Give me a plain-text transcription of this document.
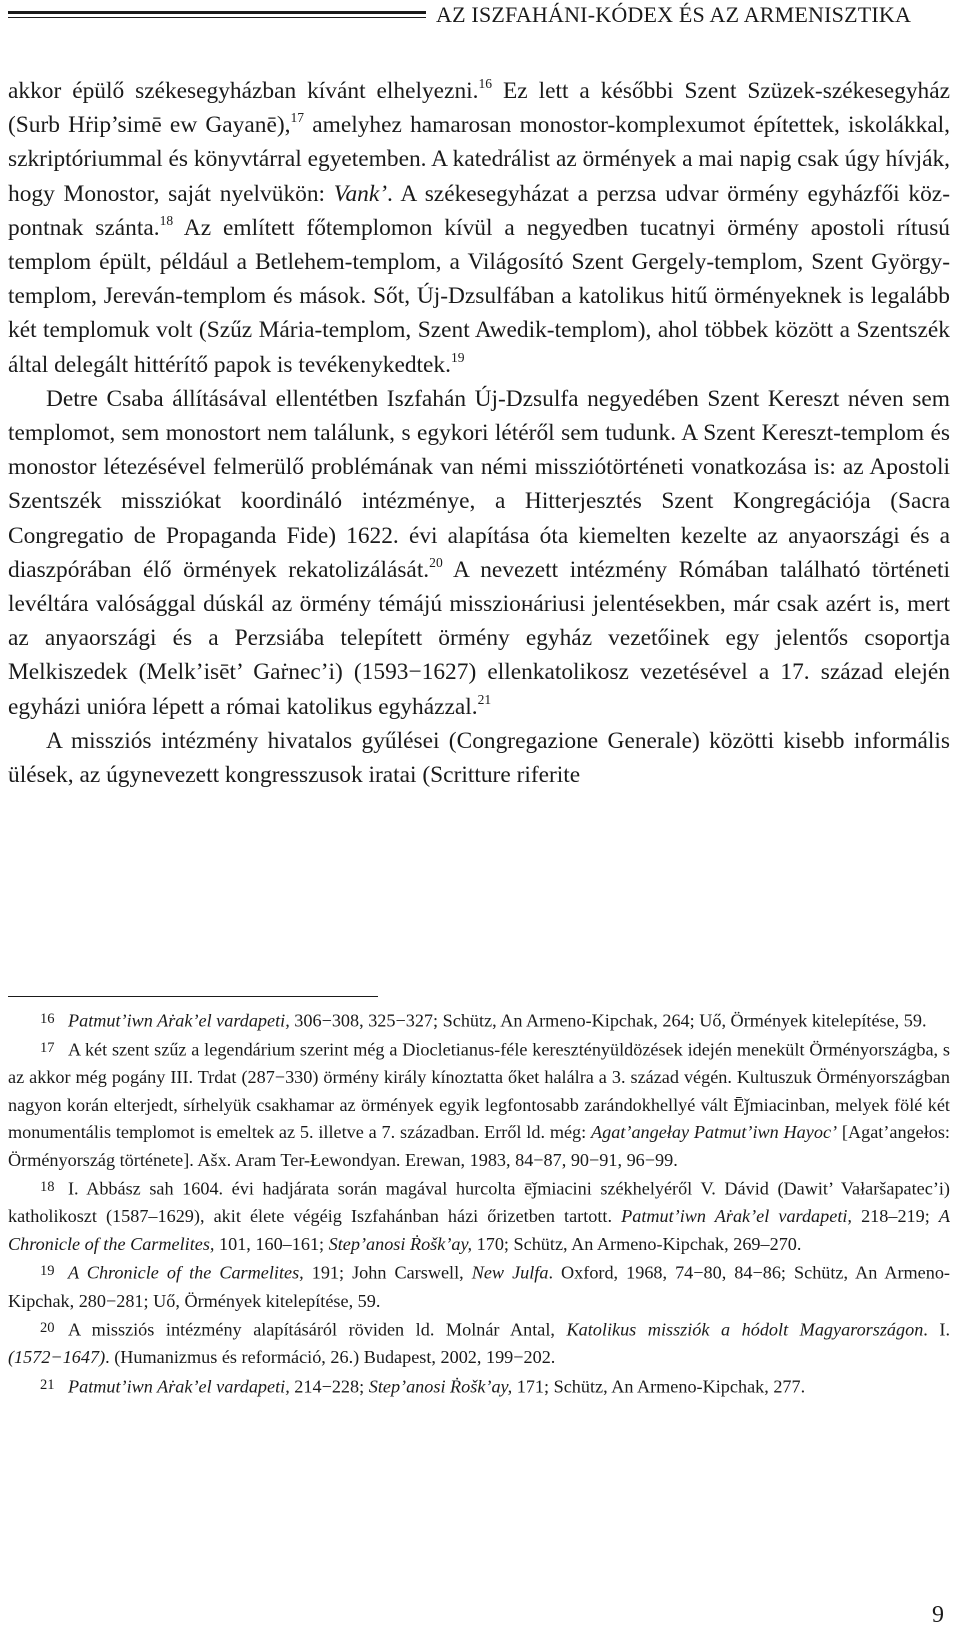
AZ ISZFAHÁNI-KÓDEX ÉS AZ ARMENISZTIKA

akkor épülő székesegyházban kívánt elhelyezni.$^{16}$ Ez lett a későbbi Szent Szüzek-székesegyház (Surb Hṙip’simē ew Gayanē),$^{17}$ amelyhez hamarosan monostor-komplexumot építettek, iskolákkal, szkriptóriummal és könyvtárral egyetemben. A katedrálist az örmények a mai napig csak úgy hívják, hogy Monostor, saját nyelvükön: Vank’. A székesegyházat a perzsa udvar örmény egyházfői központnak szánta.$^{18}$ Az említett főtemplomon kívül a negyedben tucatnyi örmény apostoli rítusú templom épült, például a Betlehem-templom, a Világosító Szent Gergely-templom, Szent György-templom, Jereván-templom és mások. Sőt, Új-Dzsulfában a katolikus hitű örményeknek is legalább két templomuk volt (Szűz Mária-templom, Szent Awedik-templom), ahol többek között a Szentszék által delegált hittérítő papok is tevékenykedtek.$^{19}$

Detre Csaba állításával ellentétben Iszfahán Új-Dzsulfa negyedében Szent Kereszt néven sem templomot, sem monostort nem találunk, s egykori létéről sem tudunk. A Szent Kereszt-templom és monostor létezésével felmerülő problémának van némi missziótörténeti vonatkozása is: az Apostoli Szentszék missziókat koordináló intézménye, a Hitterjesztés Szent Kongregációja (Sacra Congregatio de Propaganda Fide) 1622. évi alapítása óta kiemelten kezelte az anyaországi és a diaszpórában élő örmények rekatolizálását.$^{20}$ A nevezett intézmény Rómában található történeti levéltára valósággal dúskál az örmény témájú missziонáriusi jelentésekben, már csak azért is, mert az anyaországi és a Perzsiába telepített örmény egyház vezetőinek egy jelentős csoportja Melkiszedek (Melk’isēt’ Gaṙnec’i) (1593−1627) ellenkatolikosz vezetésével a 17. század elején egyházi unióra lépett a római katolikus egyházzal.$^{21}$

A missziós intézmény hivatalos gyűlései (Congregazione Generale) közötti kisebb informális ülések, az úgynevezett kongresszusok iratai (Scritture riferite

16 Patmut’iwn Aṙak’el vardapeti, 306−308, 325−327; Schütz, An Armeno-Kipchak, 264; Uő, Örmények kitelepítése, 59.

17 A két szent szűz a legendárium szerint még a Diocletianus-féle keresztényüldözések idején menekült Örményországba, s az akkor még pogány III. Trdat (287−330) örmény király kínoztatta őket halálra a 3. század végén. Kultuszuk Örményországban nagyon korán elterjedt, sírhelyük csakhamar az örmények egyik legfontosabb zarándokhellyé vált Ēǰmiacinban, melyek fölé két monumentális templomot is emeltek az 5. illetve a 7. században. Erről ld. még: Agat’angełay Patmut’iwn Hayoc’ [Agat’angełos: Örményország története]. Ašx. Aram Ter-Łewondyan. Erewan, 1983, 84−87, 90−91, 96−99.

18 I. Abbász sah 1604. évi hadjárata során magával hurcolta ēǰmiacini székhelyéről V. Dávid (Dawit’ Vałaršapatec’i) katholikoszt (1587–1629), akit élete végéig Iszfahánban házi őrizetben tartott. Patmut’iwn Aṙak’el vardapeti, 218–219; A Chronicle of the Carmelites, 101, 160–161; Step’anosi Ṙošk’ay, 170; Schütz, An Armeno-Kipchak, 269–270.

19 A Chronicle of the Carmelites, 191; John Carswell, New Julfa. Oxford, 1968, 74−80, 84−86; Schütz, An Armeno-Kipchak, 280−281; Uő, Örmények kitelepítése, 59.

20 A missziós intézmény alapításáról röviden ld. Molnár Antal, Katolikus missziók a hódolt Magyarországon. I. (1572−1647). (Humanizmus és reformáció, 26.) Budapest, 2002, 199−202.

21 Patmut’iwn Aṙak’el vardapeti, 214−228; Step’anosi Ṙošk’ay, 171; Schütz, An Armeno-Kipchak, 277.

9
